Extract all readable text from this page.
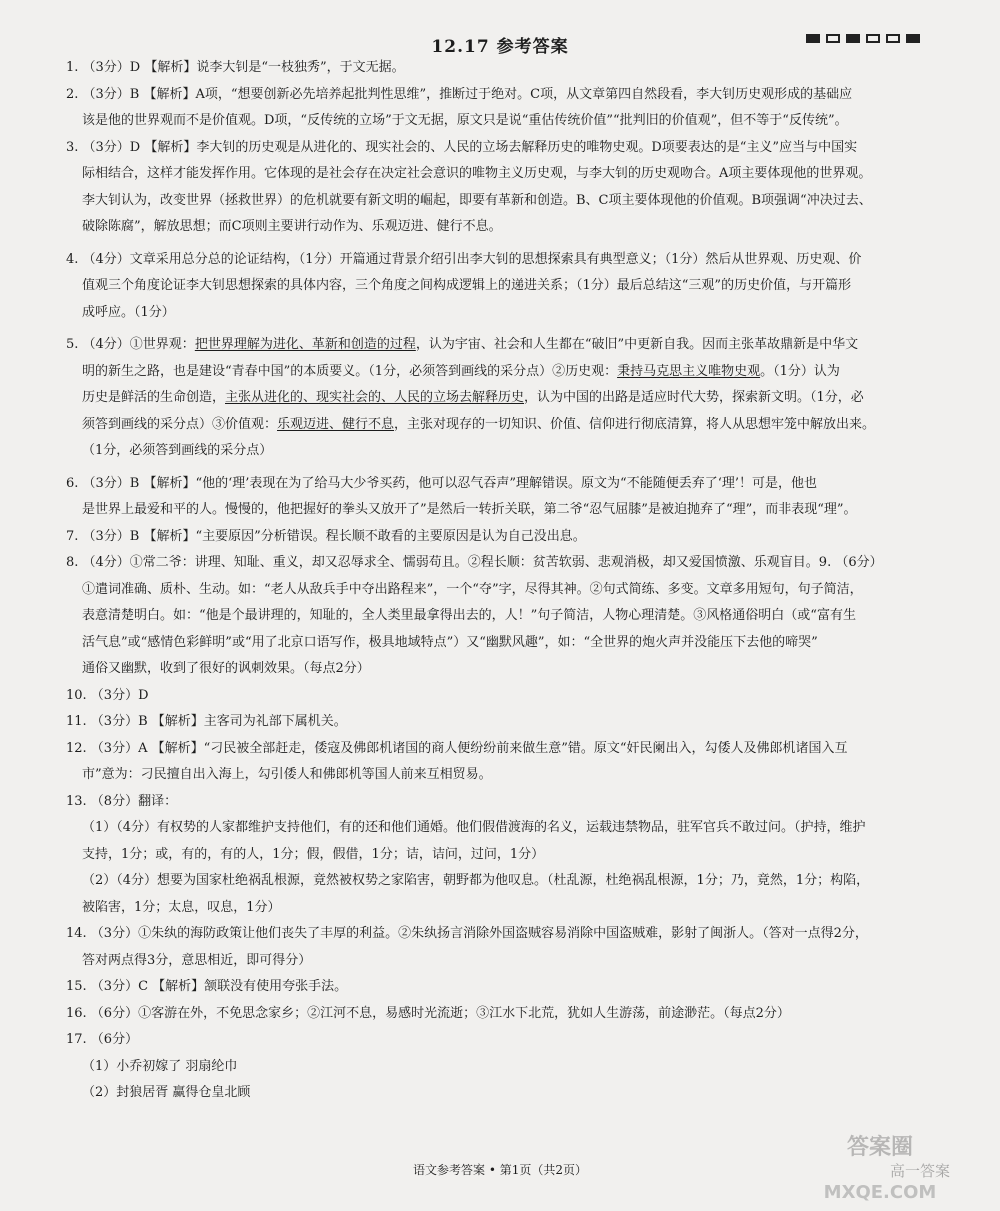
12.17 参考答案

1. （3分）D 【解析】说李大钊是“一枝独秀”，于文无据。

2. （3分）B 【解析】A项，“想要创新必先培养起批判性思维”，推断过于绝对。C项，从文章第四自然段看，李大钊历史观形成的基础应

该是他的世界观而不是价值观。D项，“反传统的立场”于文无据，原文只是说“重估传统价值”“批判旧的价值观”，但不等于“反传统”。

3. （3分）D 【解析】李大钊的历史观是从进化的、现实社会的、人民的立场去解释历史的唯物史观。D项要表达的是“主义”应当与中国实

际相结合，这样才能发挥作用。它体现的是社会存在决定社会意识的唯物主义历史观，与李大钊的历史观吻合。A项主要体现他的世界观。

李大钊认为，改变世界（拯救世界）的危机就要有新文明的崛起，即要有革新和创造。B、C项主要体现他的价值观。B项强调“冲决过去、

破除陈腐”，解放思想；而C项则主要讲行动作为、乐观迈进、健行不息。

4. （4分）文章采用总分总的论证结构，（1分）开篇通过背景介绍引出李大钊的思想探索具有典型意义；（1分）然后从世界观、历史观、价

值观三个角度论证李大钊思想探索的具体内容，三个角度之间构成逻辑上的递进关系；（1分）最后总结这“三观”的历史价值，与开篇形

成呼应。（1分）

5. （4分）①世界观：把世界理解为进化、革新和创造的过程，认为宇宙、社会和人生都在“破旧”中更新自我。因而主张革故鼎新是中华文

明的新生之路，也是建设“青春中国”的本质要义。（1分，必须答到画线的采分点）②历史观：秉持马克思主义唯物史观。（1分）认为

历史是鲜活的生命创造，主张从进化的、现实社会的、人民的立场去解释历史，认为中国的出路是适应时代大势，探索新文明。（1分，必

须答到画线的采分点）③价值观：乐观迈进、健行不息，主张对现存的一切知识、价值、信仰进行彻底清算，将人从思想牢笼中解放出来。

（1分，必须答到画线的采分点）

6. （3分）B 【解析】“他的‘理’表现在为了给马大少爷买药，他可以忍气吞声”理解错误。原文为“不能随便丢弃了‘理’！可是，他也

是世界上最爱和平的人。慢慢的，他把握好的拳头又放开了”是然后一转折关联，第二爷“忍气屈膝”是被迫抛弃了“理”，而非表现“理”。

7. （3分）B 【解析】“主要原因”分析错误。程长顺不敢看的主要原因是认为自己没出息。

8. （4分）①常二爷：讲理、知耻、重义，却又忍辱求全、懦弱苟且。②程长顺：贫苦软弱、悲观消极，却又爱国愤激、乐观盲目。9. （6分）

①遣词准确、质朴、生动。如：“老人从敌兵手中夺出路程来”，一个“夺”字，尽得其神。②句式简练、多变。文章多用短句，句子简洁，

表意清楚明白。如：“他是个最讲理的，知耻的，全人类里最拿得出去的，人！”句子简洁，人物心理清楚。③风格通俗明白（或“富有生

活气息”或“感情色彩鲜明”或“用了北京口语写作，极具地域特点”）又“幽默风趣”，如：“全世界的炮火声并没能压下去他的啼哭”

通俗又幽默，收到了很好的讽刺效果。（每点2分）

10. （3分）D

11. （3分）B 【解析】主客司为礼部下属机关。

12. （3分）A 【解析】“刁民被全部赶走，倭寇及佛郎机诸国的商人便纷纷前来做生意”错。原文“奸民阑出入，勾倭人及佛郎机诸国入互

市”意为：刁民擅自出入海上，勾引倭人和佛郎机等国人前来互相贸易。

13. （8分）翻译：

（1）（4分）有权势的人家都维护支持他们，有的还和他们通婚。他们假借渡海的名义，运载违禁物品，驻军官兵不敢过问。（护持，维护

支持，1分；或，有的，有的人，1分；假，假借，1分；诘，诘问，过问，1分）

（2）（4分）想要为国家杜绝祸乱根源，竟然被权势之家陷害，朝野都为他叹息。（杜乱源，杜绝祸乱根源，1分；乃，竟然，1分；构陷，

被陷害，1分；太息，叹息，1分）

14. （3分）①朱纨的海防政策让他们丧失了丰厚的利益。②朱纨扬言消除外国盗贼容易消除中国盗贼难，影射了闽浙人。（答对一点得2分，

答对两点得3分，意思相近，即可得分）

15. （3分）C 【解析】颔联没有使用夸张手法。

16. （6分）①客游在外，不免思念家乡；②江河不息，易感时光流逝；③江水下北荒，犹如人生游荡，前途渺茫。（每点2分）

17. （6分）

（1）小乔初嫁了 羽扇纶巾

（2）封狼居胥 赢得仓皇北顾

语文参考答案 • 第1页（共2页）
答案圈
高一答案
MXQE.COM
